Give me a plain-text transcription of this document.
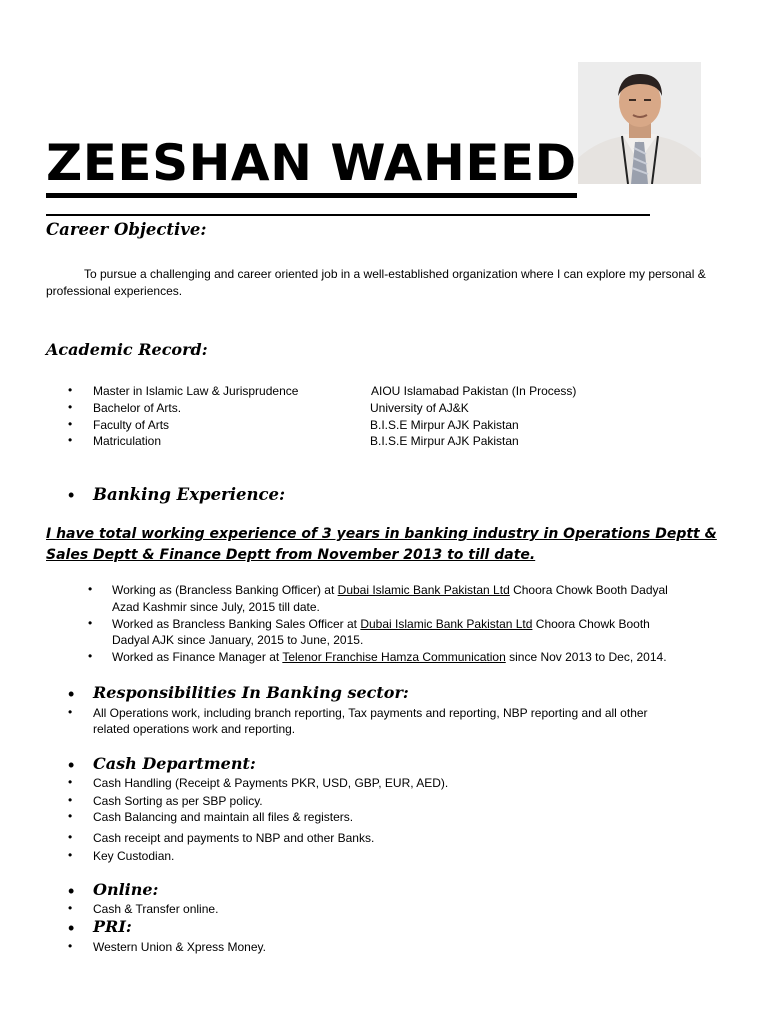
ZEESHAN WAHEED
Career Objective:
To pursue a challenging and career oriented job in a well-established organization where I can explore my personal & professional experiences.
Academic Record:
• Master in Islamic Law & Jurisprudence	AIOU Islamabad Pakistan (In Process)
• Bachelor of Arts.	University of AJ&K
• Faculty of Arts	B.I.S.E Mirpur AJK Pakistan
• Matriculation	B.I.S.E Mirpur AJK Pakistan
• Banking Experience:
I have total working experience of 3 years in banking industry in Operations Deptt & Sales Deptt & Finance Deptt from November 2013 to till date.
• Working as (Brancless Banking Officer) at Dubai Islamic Bank Pakistan Ltd Choora Chowk Booth Dadyal
Azad Kashmir since July, 2015 till date.
• Worked as Brancless Banking Sales Officer at Dubai Islamic Bank Pakistan Ltd Choora Chowk Booth
Dadyal AJK since January, 2015 to June, 2015.
• Worked as Finance Manager at Telenor Franchise Hamza Communication since Nov 2013 to Dec, 2014.
• Responsibilities In Banking sector:
• All Operations work, including branch reporting, Tax payments and reporting, NBP reporting and all other
related operations work and reporting.
• Cash Department:
• Cash Handling (Receipt & Payments PKR, USD, GBP, EUR, AED).
• Cash Sorting as per SBP policy.
• Cash Balancing and maintain all files & registers.
• Cash receipt and payments to NBP and other Banks.
• Key Custodian.
• Online:
• Cash & Transfer online.
• PRI:
• Western Union & Xpress Money.
